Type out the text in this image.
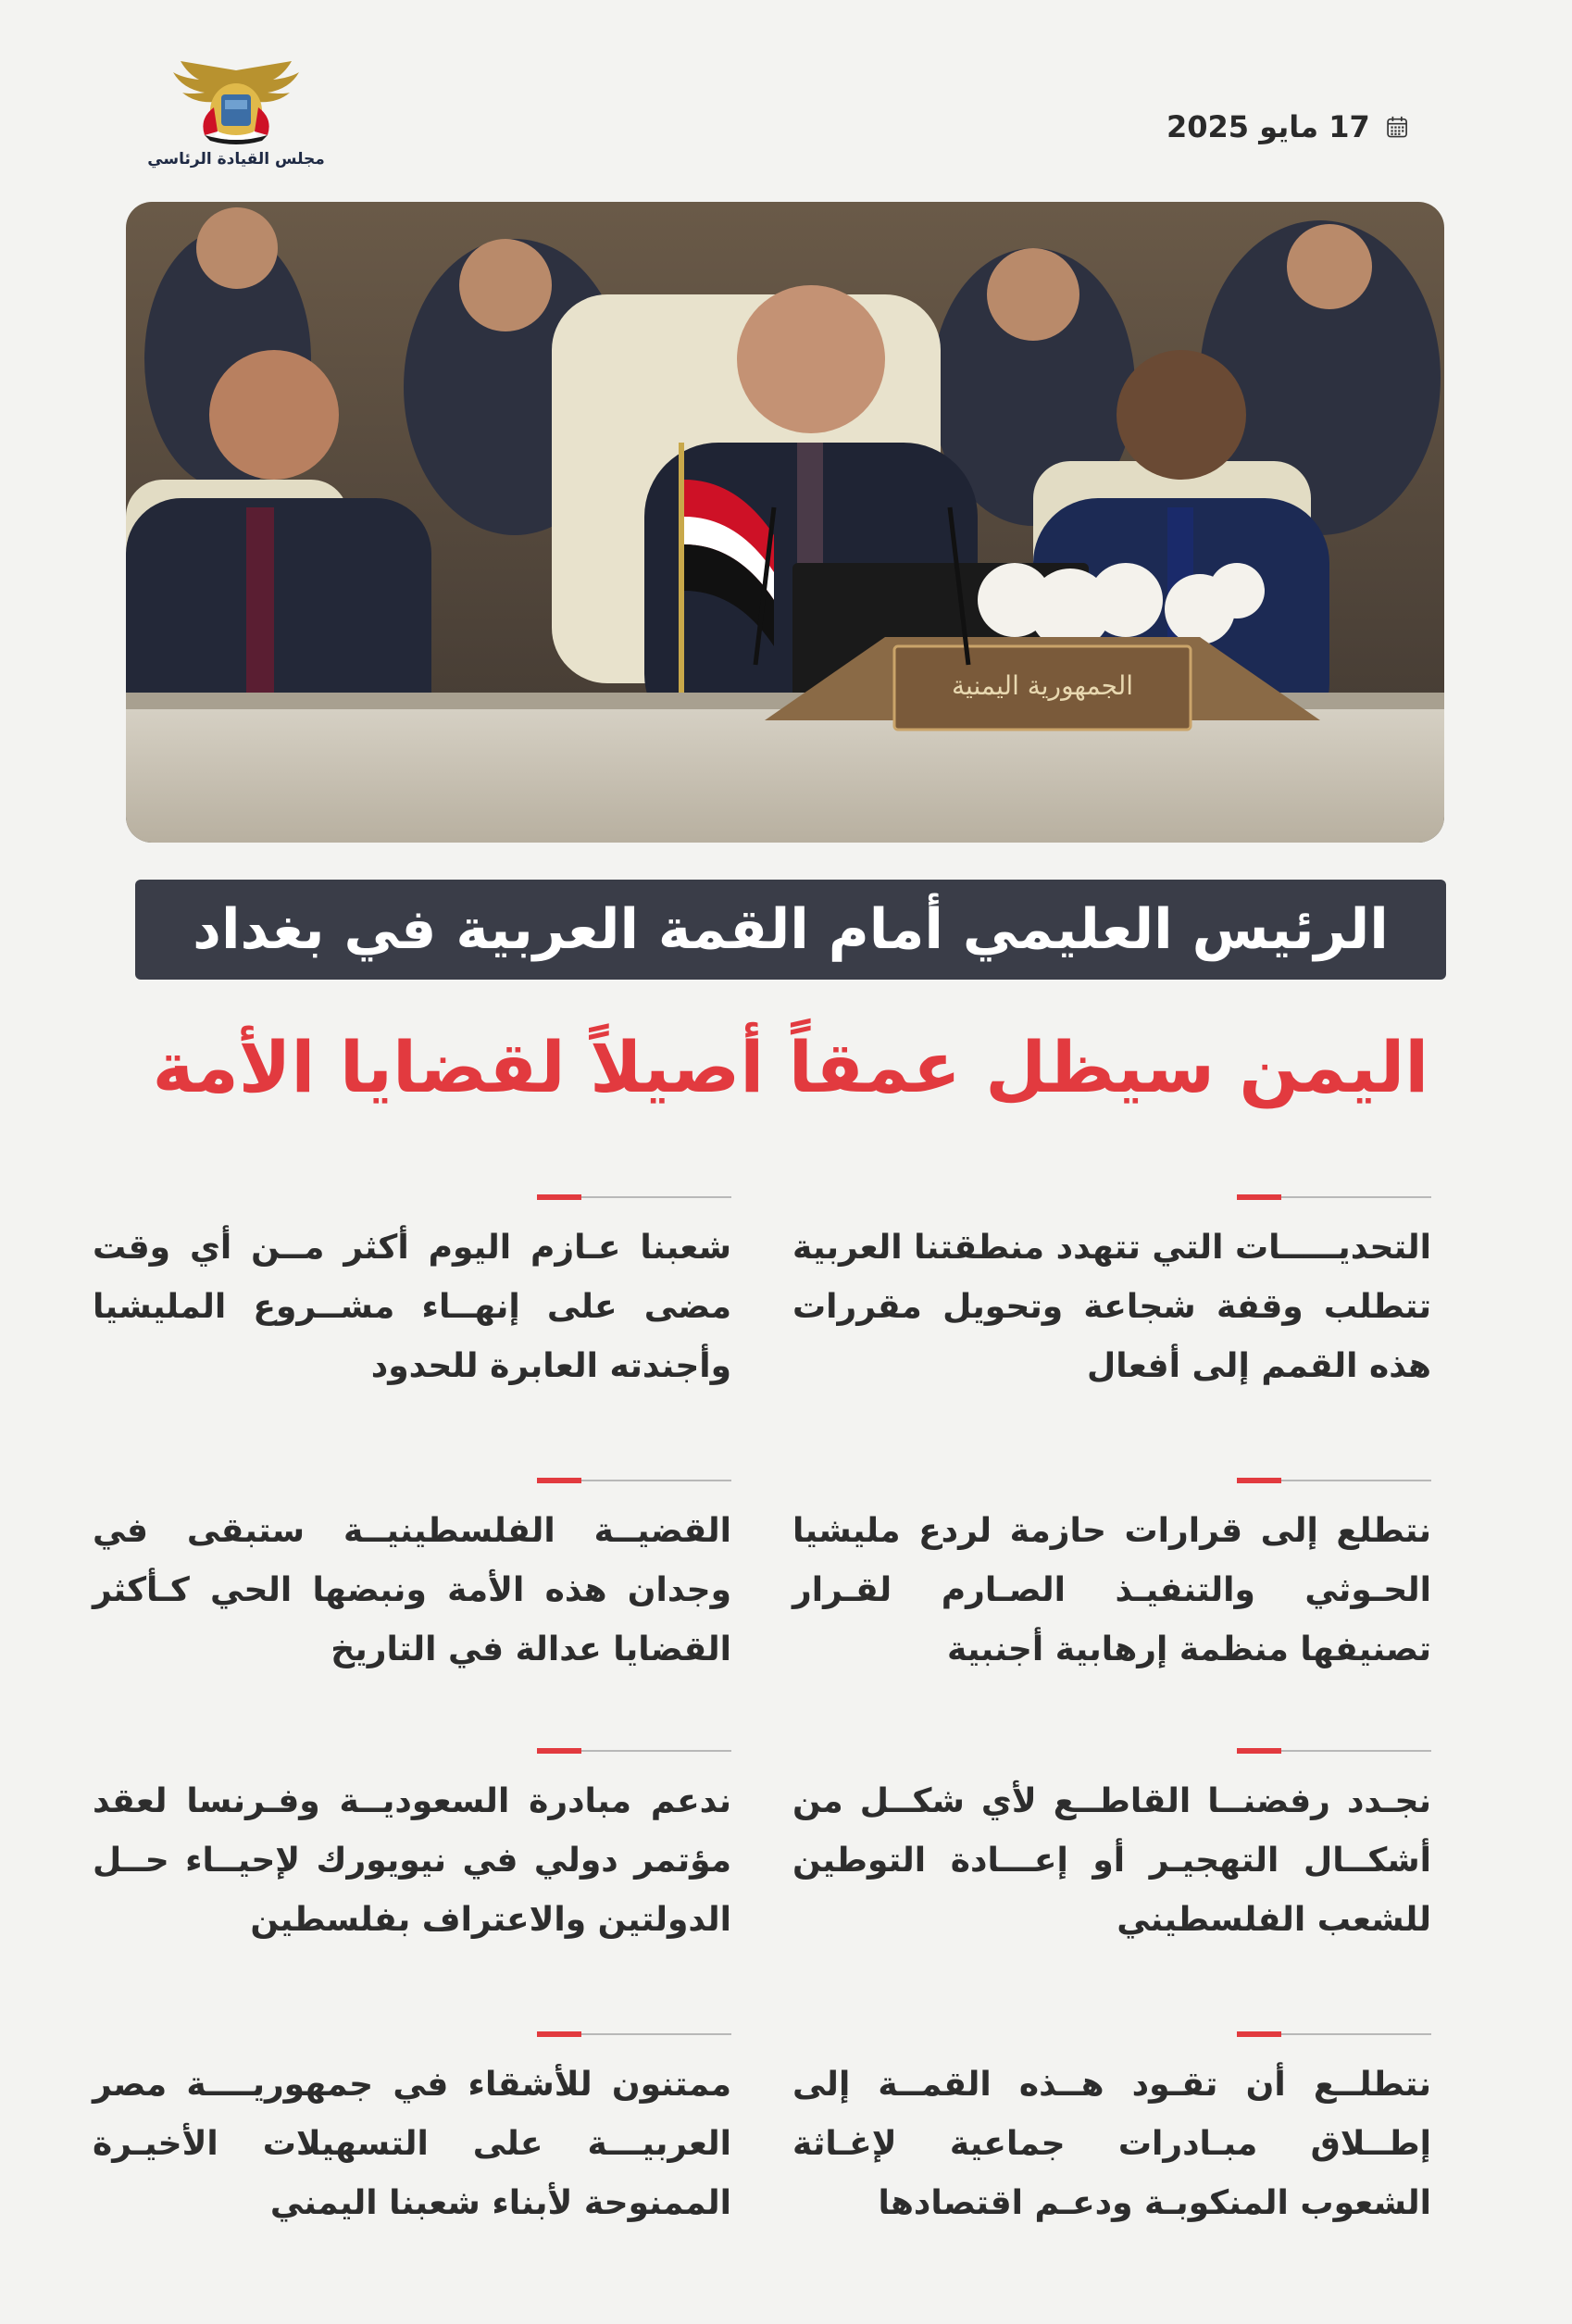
مجلس القيادة الرئاسي
17 مايو 2025
الجمهورية اليمنية
الرئيس العليمي أمام القمة العربية في بغداد
اليمن سيظل عمقاً أصيلاً لقضايا الأمة
التحديـــــات التي تتهدد منطقتنا العربية تتطلب وقفة شجاعة وتحويل مقررات هذه القمم إلى أفعال
شعبنا عـازم اليوم أكثر مــن أي وقت مضى على إنهــاء مشــروع المليشيا وأجندته العابرة للحدود
نتطلع إلى قرارات حازمة لردع مليشيا الحـوثي والتنفيـذ الصـارم لقـرار تصنيفها منظمة إرهابية أجنبية
القضيــة الفلسطينيــة ستبقى في وجدان هذه الأمة ونبضها الحي كـأكثر القضايا عدالة في التاريخ
نجـدد رفضنــا القاطــع لأي شكــل من أشكــال التهجيـر أو إعـــادة التوطين للشعب الفلسطيني
ندعم مبادرة السعوديــة وفـرنسا لعقد مؤتمر دولي في نيويورك لإحيــاء حــل الدولتين والاعتراف بفلسطين
نتطلــع أن تقـود هــذه القمــة إلى إطــلاق مبـادرات جماعية لإغـاثة الشعوب المنكوبـة ودعـم اقتصادها
ممتنون للأشقاء في جمهوريــــة مصر العربيـــة على التسهيلات الأخيـرة الممنوحة لأبناء شعبنا اليمني
